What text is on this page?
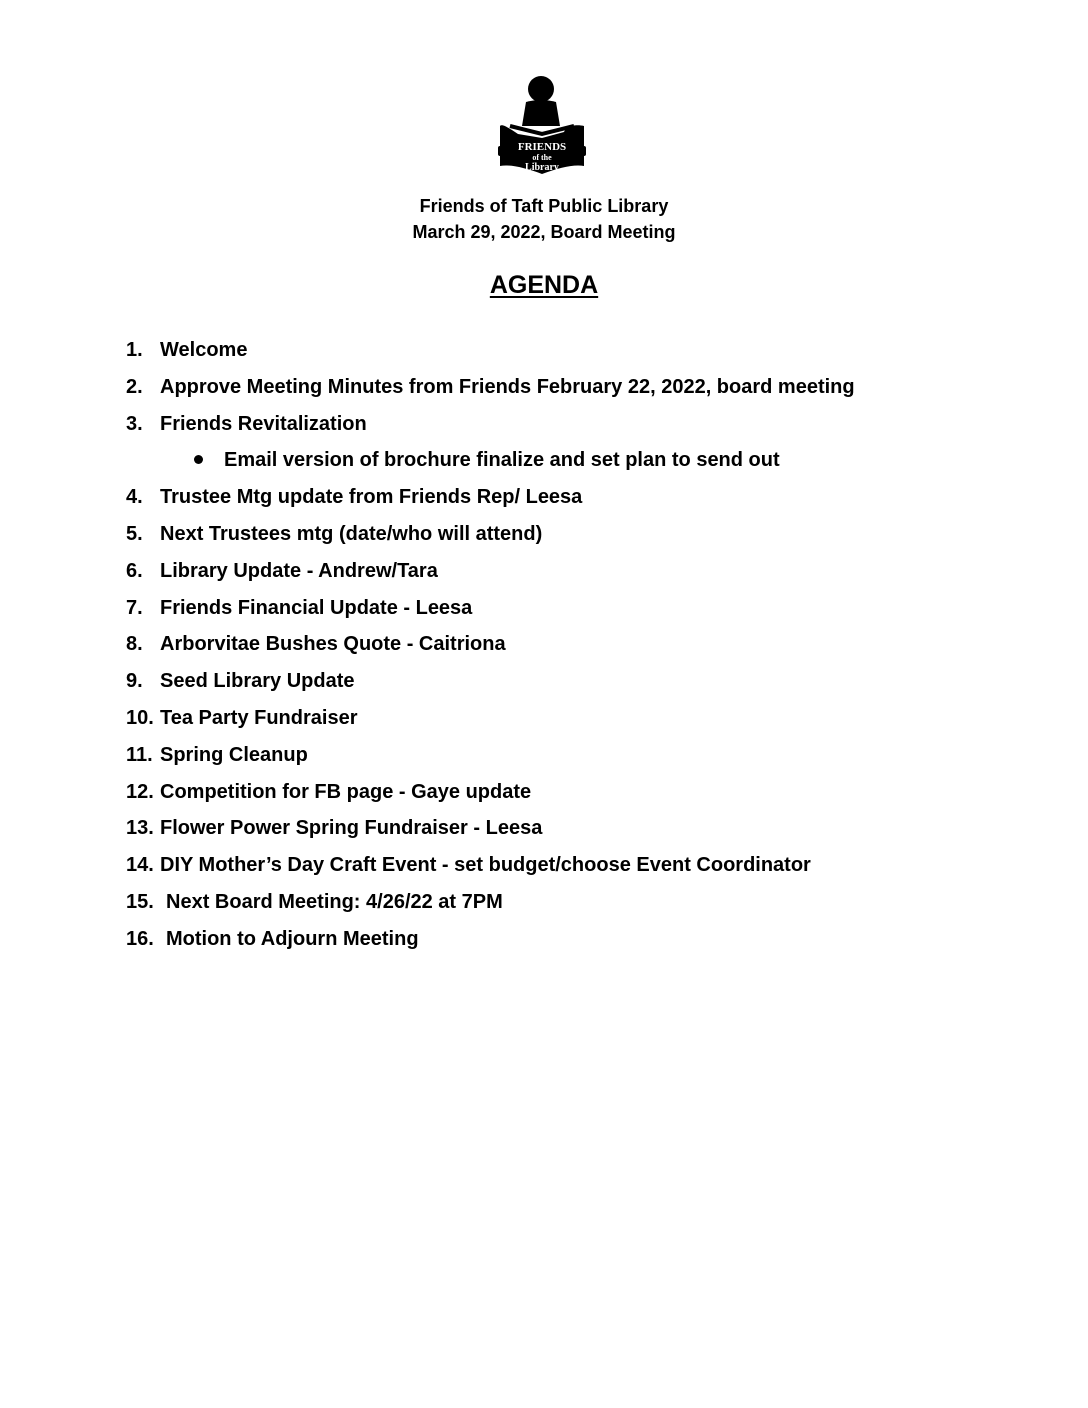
FRIENDS
of the
Library
Friends of Taft Public Library
March 29, 2022, Board Meeting
AGENDA
1. Welcome
2. Approve Meeting Minutes from Friends February 22, 2022, board meeting
3. Friends Revitalization
Email version of brochure finalize and set plan to send out
4. Trustee Mtg update from Friends Rep/ Leesa
5. Next Trustees mtg (date/who will attend)
6. Library Update - Andrew/Tara
7. Friends Financial Update - Leesa
8. Arborvitae Bushes Quote - Caitriona
9. Seed Library Update
10. Tea Party Fundraiser
11. Spring Cleanup
12. Competition for FB page - Gaye update
13. Flower Power Spring Fundraiser - Leesa
14. DIY Mother’s Day Craft Event - set budget/choose Event Coordinator
15. Next Board Meeting: 4/26/22 at 7PM
16. Motion to Adjourn Meeting
